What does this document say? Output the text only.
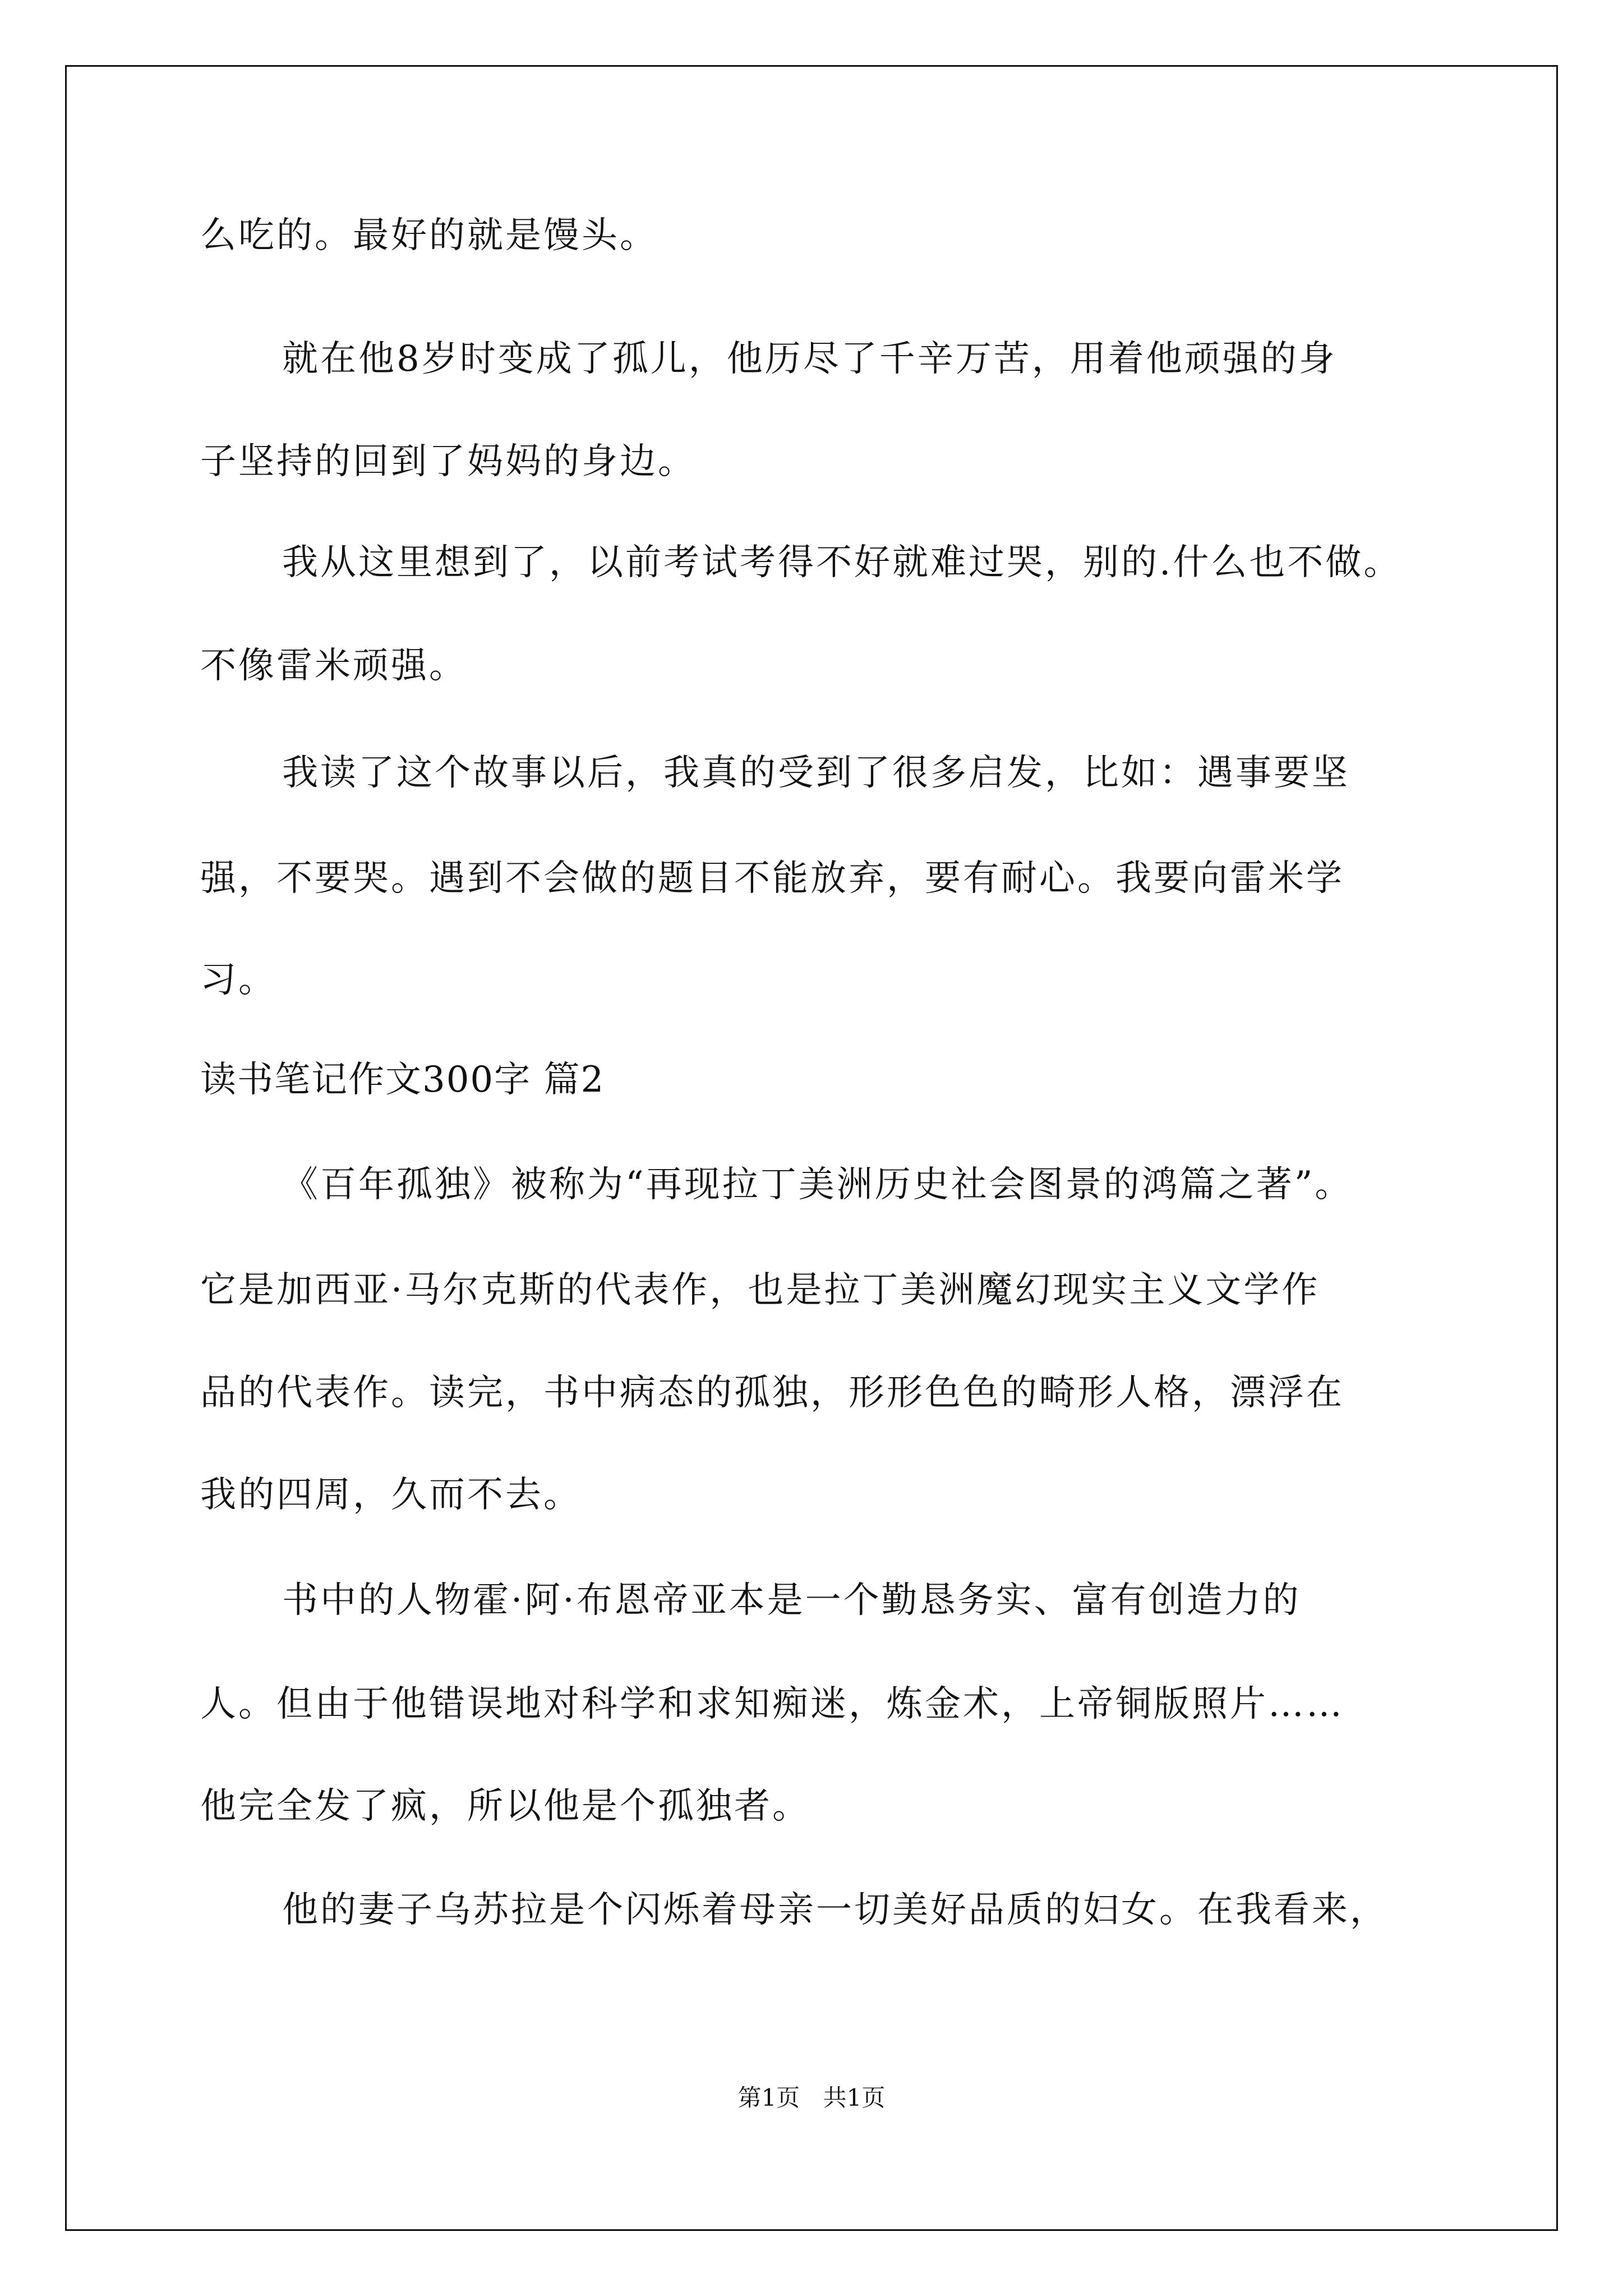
么吃的。最好的就是馒头。

就在他8岁时变成了孤儿，他历尽了千辛万苦，用着他顽强的身

子坚持的回到了妈妈的身边。

我从这里想到了，以前考试考得不好就难过哭，别的.什么也不做。

不像雷米顽强。

我读了这个故事以后，我真的受到了很多启发，比如：遇事要坚

强，不要哭。遇到不会做的题目不能放弃，要有耐心。我要向雷米学

习。

读书笔记作文300字 篇2

《百年孤独》被称为“再现拉丁美洲历史社会图景的鸿篇之著”。

它是加西亚·马尔克斯的代表作，也是拉丁美洲魔幻现实主义文学作

品的代表作。读完，书中病态的孤独，形形色色的畸形人格，漂浮在

我的四周，久而不去。

书中的人物霍·阿·布恩帝亚本是一个勤恳务实、富有创造力的

人。但由于他错误地对科学和求知痴迷，炼金术，上帝铜版照片……

他完全发了疯，所以他是个孤独者。

他的妻子乌苏拉是个闪烁着母亲一切美好品质的妇女。在我看来，

第1页 共1页
